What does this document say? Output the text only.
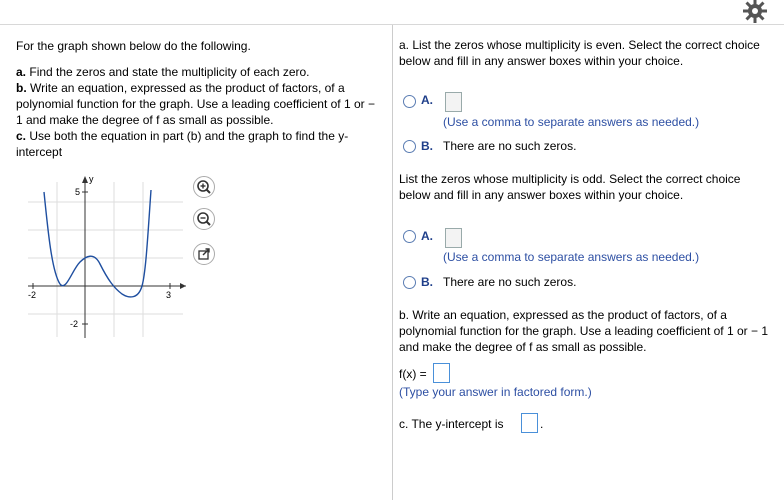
For the graph shown below do the following.

a. Find the zeros and state the multiplicity of each zero.

b. Write an equation, expressed as the product of factors, of a polynomial function for the graph. Use a leading coefficient of 1 or − 1 and make the degree of f as small as possible.

c. Use both the equation in part (b) and the graph to find the y-intercept

y
5
-2
-2	3
a. List the zeros whose multiplicity is even. Select the correct choice below and fill in any answer boxes within your choice.
A.
(Use a comma to separate answers as needed.)
B. There are no such zeros.
List the zeros whose multiplicity is odd. Select the correct choice below and fill in any answer boxes within your choice.
A.
(Use a comma to separate answers as needed.)
B. There are no such zeros.
b. Write an equation, expressed as the product of factors, of a polynomial function for the graph. Use a leading coefficient of 1 or − 1 and make the degree of f as small as possible.
f(x) =
(Type your answer in factored form.)
c. The y-intercept is	.
